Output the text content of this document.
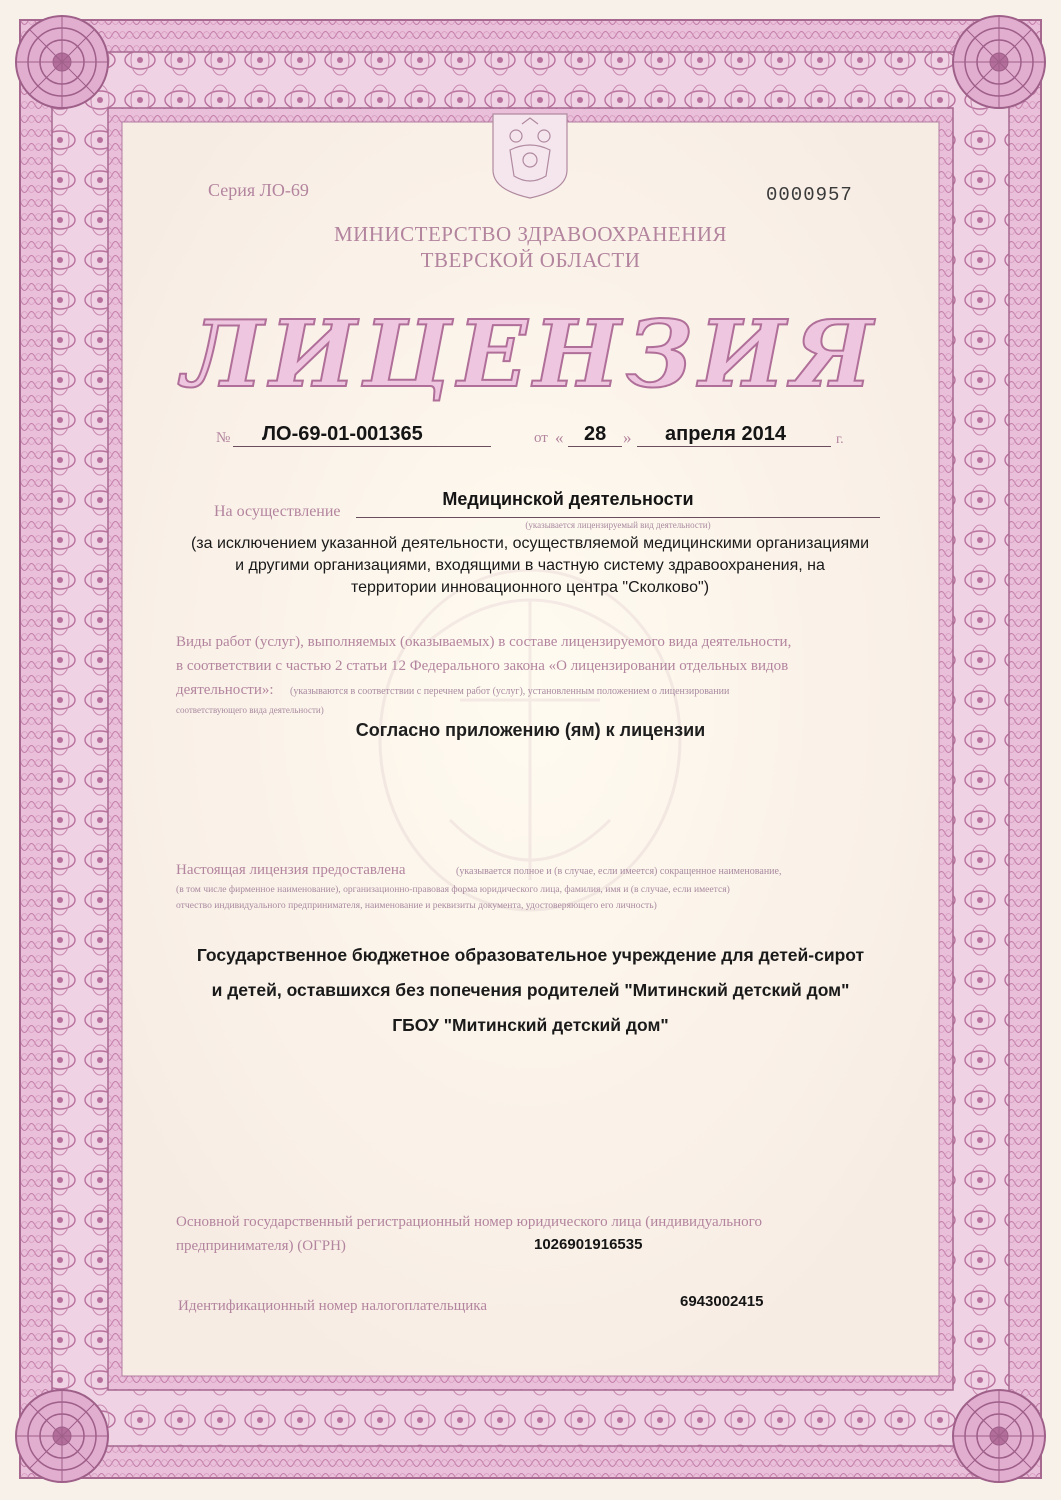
Серия ЛО-69	0000957
МИНИСТЕРСТВО ЗДРАВООХРАНЕНИЯ
ТВЕРСКОЙ ОБЛАСТИ
ЛИЦЕНЗИЯ
№ ЛО-69-01-001365	от « 28 » апреля 2014	г.
На осуществление
Медицинской деятельности
(указывается лицензируемый вид деятельности)
(за исключением указанной деятельности, осуществляемой медицинскими организациями
и другими организациями, входящими в частную систему здравоохранения, на
территории инновационного центра "Сколково")
Виды работ (услуг), выполняемых (оказываемых) в составе лицензируемого вида деятельности,
в соответствии с частью 2 статьи 12 Федерального закона «О лицензировании отдельных видов
деятельности»: (указываются в соответствии с перечнем работ (услуг), установленным положением о лицензировании
соответствующего вида деятельности)
Согласно приложению (ям) к лицензии
Настоящая лицензия предоставлена	(указывается полное и (в случае, если имеется) сокращенное наименование,
(в том числе фирменное наименование), организационно-правовая форма юридического лица, фамилия, имя и (в случае, если имеется)
отчество индивидуального предпринимателя, наименование и реквизиты документа, удостоверяющего его личность)
Государственное бюджетное образовательное учреждение для детей-сирот
и детей, оставшихся без попечения родителей "Митинский детский дом"
ГБОУ "Митинский детский дом"
Основной государственный регистрационный номер юридического лица (индивидуального
предпринимателя) (ОГРН)	1026901916535
Идентификационный номер налогоплательщика	6943002415
